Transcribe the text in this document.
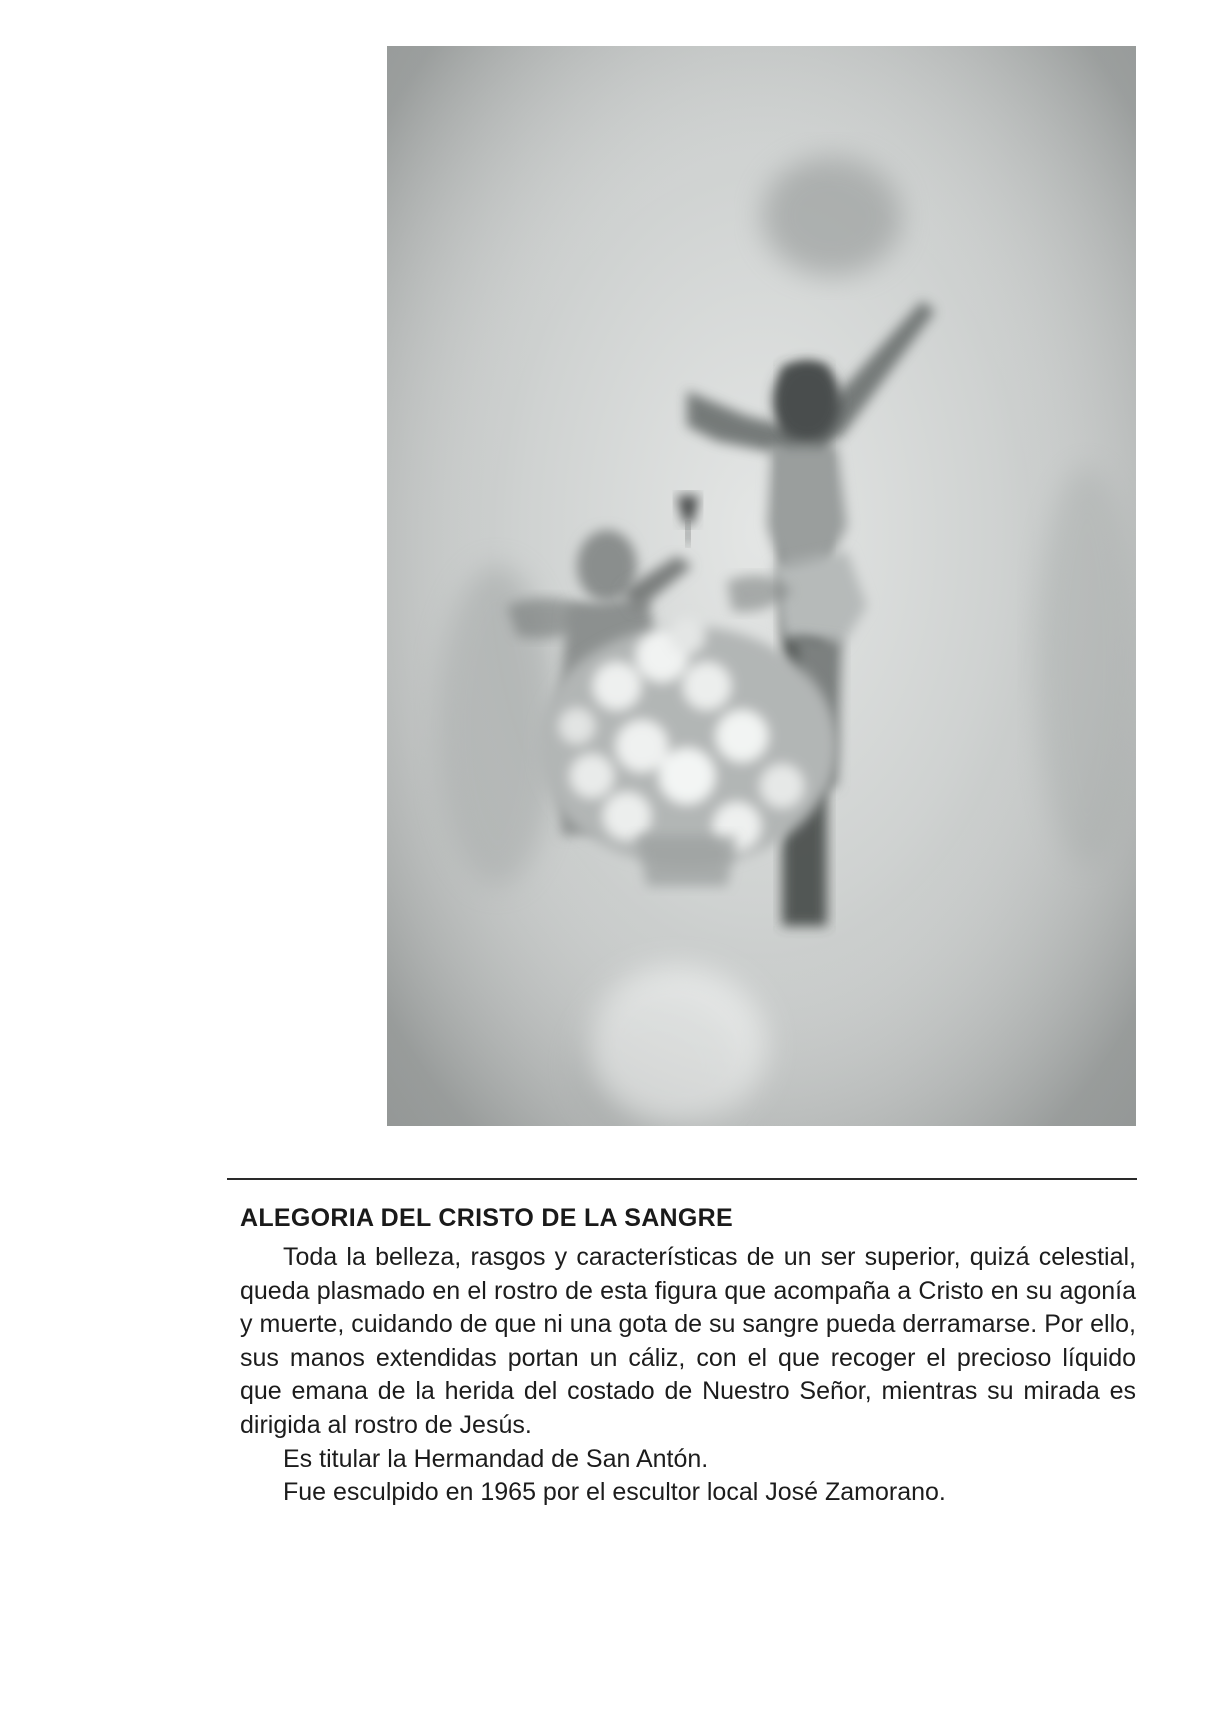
ALEGORIA DEL CRISTO DE LA SANGRE

Toda la belleza, rasgos y características de un ser superior, quizá celestial, queda plasmado en el rostro de esta figura que acompaña a Cristo en su agonía y muerte, cuidando de que ni una gota de su sangre pueda derramarse. Por ello, sus manos extendidas portan un cáliz, con el que recoger el precioso líquido que emana de la herida del costado de Nuestro Señor, mientras su mirada es dirigida al rostro de Jesús.

Es titular la Hermandad de San Antón.

Fue esculpido en 1965 por el escultor local José Zamorano.
